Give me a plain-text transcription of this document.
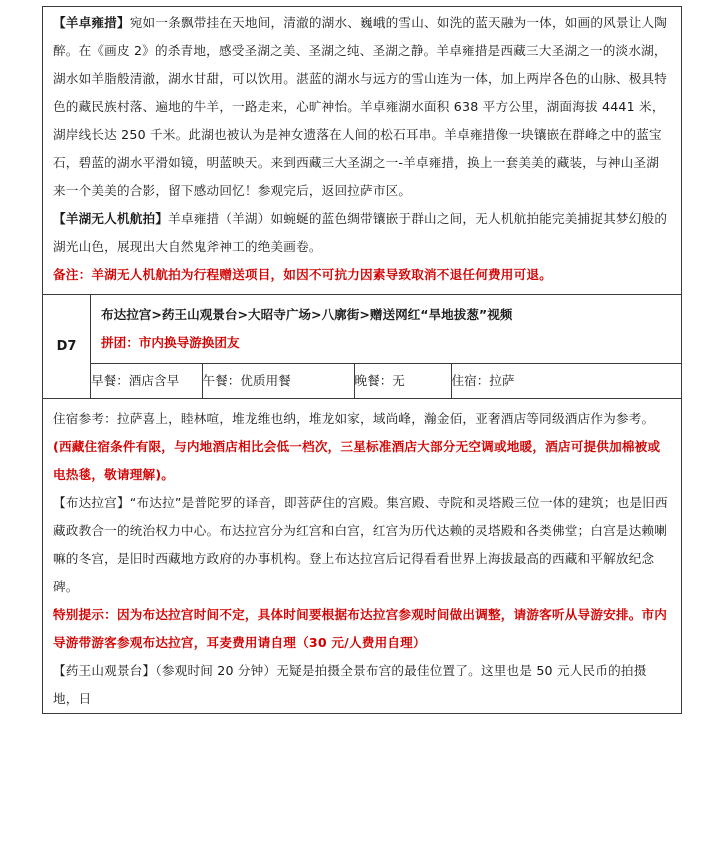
【羊卓雍措】宛如一条飘带挂在天地间，清澈的湖水、巍峨的雪山、如洗的蓝天融为一体，如画的风景让人陶醉。在《画皮 2》的杀青地，感受圣湖之美、圣湖之纯、圣湖之静。羊卓雍措是西藏三大圣湖之一的淡水湖，湖水如羊脂般清澈，湖水甘甜，可以饮用。湛蓝的湖水与远方的雪山连为一体，加上两岸各色的山脉、极具特色的藏民族村落、遍地的牛羊，一路走来，心旷神怡。羊卓雍湖水面积 638 平方公里，湖面海拔 4441 米，湖岸线长达 250 千米。此湖也被认为是神女遗落在人间的松石耳串。羊卓雍措像一块镶嵌在群峰之中的蓝宝石，碧蓝的湖水平滑如镜，明蓝映天。来到西藏三大圣湖之一-羊卓雍措，换上一套美美的藏装，与神山圣湖来一个美美的合影，留下感动回忆！参观完后，返回拉萨市区。
【羊湖无人机航拍】羊卓雍措（羊湖）如蜿蜒的蓝色绸带镶嵌于群山之间，无人机航拍能完美捕捉其梦幻般的湖光山色，展现出大自然鬼斧神工的绝美画卷。
备注：羊湖无人机航拍为行程赠送项目，如因不可抗力因素导致取消不退任何费用可退。

D7	
布达拉宫>药王山观景台>大昭寺广场>八廓街>赠送网红“旱地拔葱”视频
拼团：市内换导游换团友
早餐：酒店含早	午餐：优质用餐	晚餐：无	住宿：拉萨

住宿参考：拉萨喜上，睦林喧，堆龙维也纳，堆龙如家，域尚峰，瀚金佰，亚奢酒店等同级酒店作为参考。
(西藏住宿条件有限，与内地酒店相比会低一档次，三星标准酒店大部分无空调或地暖，酒店可提供加棉被或电热毯，敬请理解)。
【布达拉宫】“布达拉”是普陀罗的译音，即菩萨住的宫殿。集宫殿、寺院和灵塔殿三位一体的建筑；也是旧西藏政教合一的统治权力中心。布达拉宫分为红宫和白宫，红宫为历代达赖的灵塔殿和各类佛堂；白宫是达赖喇嘛的冬宫，是旧时西藏地方政府的办事机构。登上布达拉宫后记得看看世界上海拔最高的西藏和平解放纪念碑。
特别提示：因为布达拉宫时间不定，具体时间要根据布达拉宫参观时间做出调整，请游客听从导游安排。市内导游带游客参观布达拉宫，耳麦费用请自理（30 元/人费用自理）
【药王山观景台】（参观时间 20 分钟）无疑是拍摄全景布宫的最佳位置了。这里也是 50 元人民币的拍摄地，日
